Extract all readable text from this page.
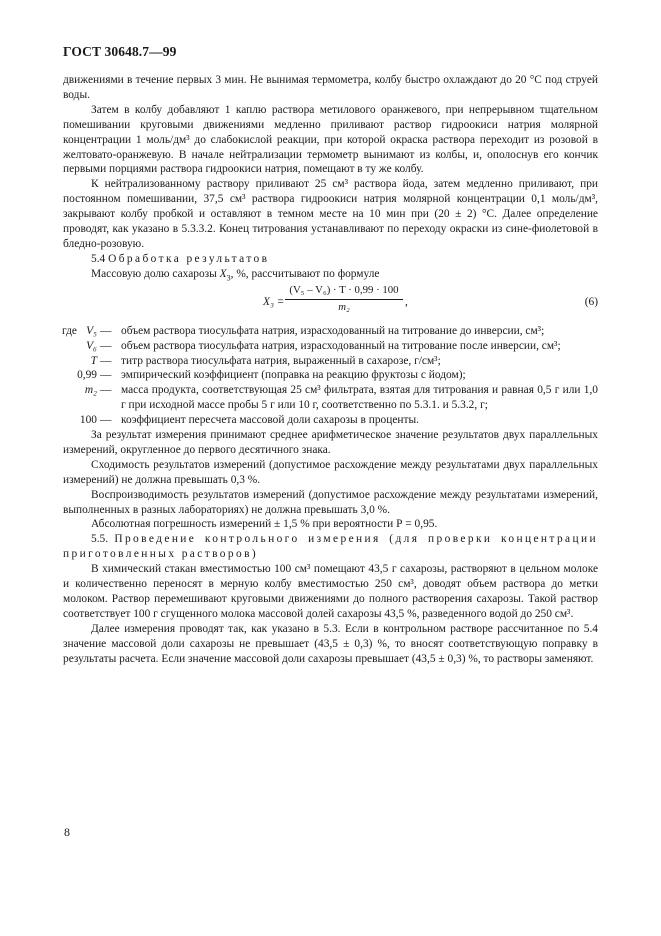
ГОСТ 30648.7—99

движениями в течение первых 3 мин. Не вынимая термометра, колбу быстро охлаждают до 20 °С под струей воды.

Затем в колбу добавляют 1 каплю раствора метилового оранжевого, при непрерывном тщательном помешивании круговыми движениями медленно приливают раствор гидроокиси натрия молярной концентрации 1 моль/дм³ до слабокислой реакции, при которой окраска раствора переходит из розовой в желтовато-оранжевую. В начале нейтрализации термометр вынимают из колбы, и, ополоснув его кончик первыми порциями раствора гидроокиси натрия, помещают в ту же колбу.

К нейтрализованному раствору приливают 25 см³ раствора йода, затем медленно приливают, при постоянном помешивании, 37,5 см³ раствора гидроокиси натрия молярной концентрации 0,1 моль/дм³, закрывают колбу пробкой и оставляют в темном месте на 10 мин при (20 ± 2) °С. Далее определение проводят, как указано в 5.3.3.2. Конец титрования устанавливают по переходу окраски из сине-фиолетовой в бледно-розовую.

5.4 Обработка результатов

Массовую долю сахарозы $X_3$, %, рассчитывают по формуле

$X_3 = \frac{\text{(V₅ – V₆) · T · 0,99 · 100}}{\text{m₂}}$ ,	(6)

где V₅ — объем раствора тиосульфата натрия, израсходованный на титрование до инверсии, см³;

V₆ — объем раствора тиосульфата натрия, израсходованный на титрование после инверсии, см³;

T — титр раствора тиосульфата натрия, выраженный в сахарозе, г/см³;

0,99 — эмпирический коэффициент (поправка на реакцию фруктозы с йодом);

m₂ — масса продукта, соответствующая 25 см³ фильтрата, взятая для титрования и равная 0,5 г или 1,0 г при исходной массе пробы 5 г или 10 г, соответственно по 5.3.1. и 5.3.2, г;

100 — коэффициент пересчета массовой доли сахарозы в проценты.

За результат измерения принимают среднее арифметическое значение результатов двух параллельных измерений, округленное до первого десятичного знака.

Сходимость результатов измерений (допустимое расхождение между результатами двух параллельных измерений) не должна превышать 0,3 %.

Воспроизводимость результатов измерений (допустимое расхождение между результатами измерений, выполненных в разных лабораториях) не должна превышать 3,0 %.

Абсолютная погрешность измерений ± 1,5 % при вероятности Р = 0,95.

5.5. Проведение контрольного измерения (для проверки концентрации приготовленных растворов)

В химический стакан вместимостью 100 см³ помещают 43,5 г сахарозы, растворяют в цельном молоке и количественно переносят в мерную колбу вместимостью 250 см³, доводят объем раствора до метки молоком. Раствор перемешивают круговыми движениями до полного растворения сахарозы. Такой раствор соответствует 100 г сгущенного молока массовой долей сахарозы 43,5 %, разведенного водой до 250 см³.

Далее измерения проводят так, как указано в 5.3. Если в контрольном растворе рассчитанное по 5.4 значение массовой доли сахарозы не превышает (43,5 ± 0,3) %, то вносят соответствующую поправку в результаты расчета. Если значение массовой доли сахарозы превышает (43,5 ± 0,3) %, то растворы заменяют.

8
